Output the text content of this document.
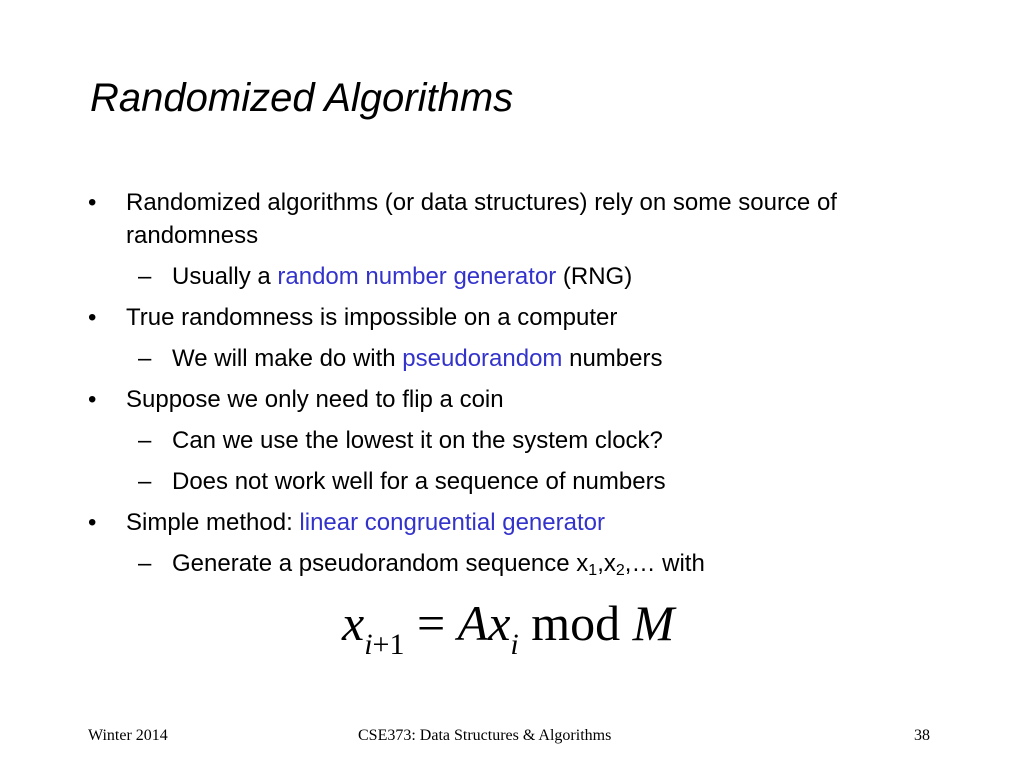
Randomized Algorithms
• Randomized algorithms (or data structures) rely on some source of randomness
– Usually a random number generator (RNG)
• True randomness is impossible on a computer
– We will make do with pseudorandom numbers
• Suppose we only need to flip a coin
– Can we use the lowest it on the system clock?
– Does not work well for a sequence of numbers
• Simple method: linear congruential generator
– Generate a pseudorandom sequence $x_1,x_2,\dots$ with
$x_{i+1} = Ax_i$ mod M
Winter 2014	CSE373: Data Structures & Algorithms	38
